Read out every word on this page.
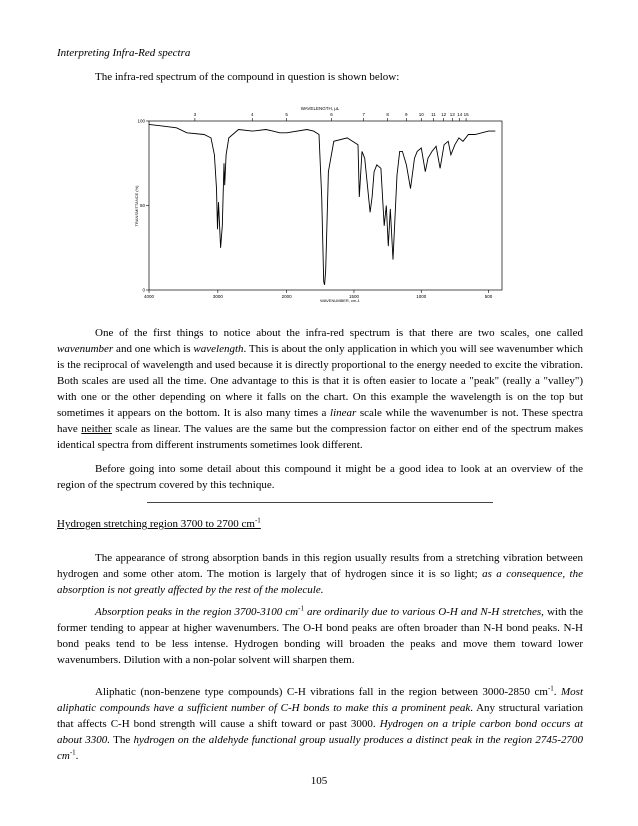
Interpreting Infra-Red spectra
The infra-red spectrum of the compound in question is shown below:
WAVELENGTH, μL
WAVENUMBER, cm-1
TRANSMITTANCE (%)
4000	3000	2000	1500	1000	500
3	4	5	6	7	8	9 10 11 12 13 14 15
100
50
0
One of the first things to notice about the infra-red spectrum is that there are two scales, one called wavenumber and one which is wavelength. This is about the only application in which you will see wavenumber which is the reciprocal of wavelength and used because it is directly proportional to the energy needed to excite the vibration. Both scales are used all the time. One advantage to this is that it is often easier to locate a "peak" (really a "valley") with one or the other depending on where it falls on the chart. On this example the wavelength is on the top but sometimes it appears on the bottom. It is also many times a linear scale while the wavenumber is not. These spectra have neither scale as linear. The values are the same but the compression factor on either end of the spectrum makes identical spectra from different instruments sometimes look different.
Before going into some detail about this compound it might be a good idea to look at an overview of the region of the spectrum covered by this technique.
Hydrogen stretching region 3700 to 2700 $cm^{-1}$
The appearance of strong absorption bands in this region usually results from a stretching vibration between hydrogen and some other atom. The motion is largely that of hydrogen since it is so light; as a consequence, the absorption is not greatly affected by the rest of the molecule.
Absorption peaks in the region 3700-3100 $cm^{-1}$ are ordinarily due to various O-H and N-H stretches, with the former tending to appear at higher wavenumbers. The O-H bond peaks are often broader than N-H bond peaks. N-H bond peaks tend to be less intense. Hydrogen bonding will broaden the peaks and move them toward lower wavenumbers. Dilution with a non-polar solvent will sharpen them.
Aliphatic (non-benzene type compounds) C-H vibrations fall in the region between 3000-2850 $cm^{-1}$. Most aliphatic compounds have a sufficient number of C-H bonds to make this a prominent peak. Any structural variation that affects C-H bond strength will cause a shift toward or past 3000. Hydrogen on a triple carbon bond occurs at about 3300. The hydrogen on the aldehyde functional group usually produces a distinct peak in the region 2745-2700 $cm^{-1}$.
105
